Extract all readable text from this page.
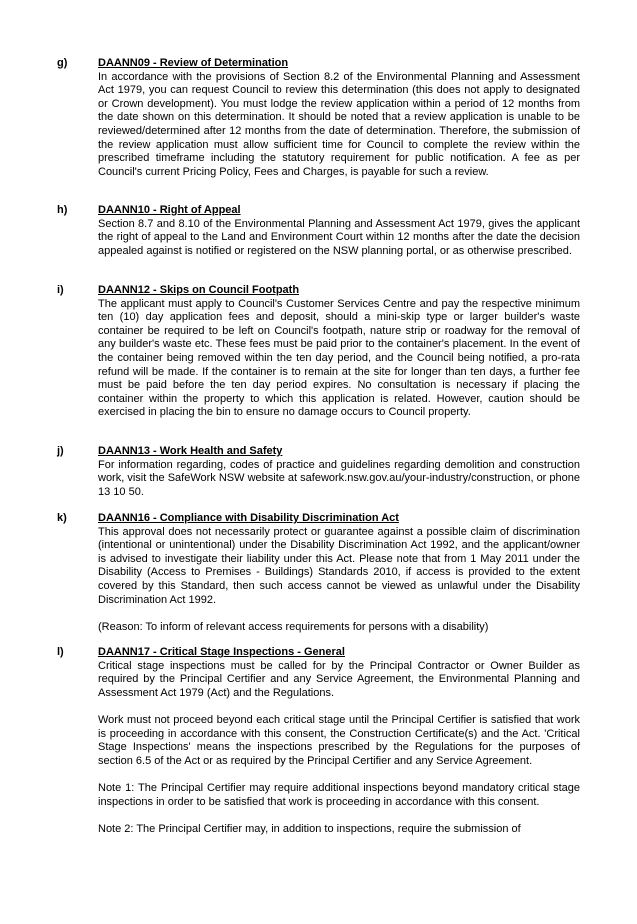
g)	DAANN09 - Review of Determination

In accordance with the provisions of Section 8.2 of the Environmental Planning and Assessment Act 1979, you can request Council to review this determination (this does not apply to designated or Crown development). You must lodge the review application within a period of 12 months from the date shown on this determination. It should be noted that a review application is unable to be reviewed/determined after 12 months from the date of determination. Therefore, the submission of the review application must allow sufficient time for Council to complete the review within the prescribed timeframe including the statutory requirement for public notification. A fee as per Council's current Pricing Policy, Fees and Charges, is payable for such a review.

h)	DAANN10 - Right of Appeal

Section 8.7 and 8.10 of the Environmental Planning and Assessment Act 1979, gives the applicant the right of appeal to the Land and Environment Court within 12 months after the date the decision appealed against is notified or registered on the NSW planning portal, or as otherwise prescribed.

i)	DAANN12 - Skips on Council Footpath

The applicant must apply to Council's Customer Services Centre and pay the respective minimum ten (10) day application fees and deposit, should a mini-skip type or larger builder's waste container be required to be left on Council's footpath, nature strip or roadway for the removal of any builder's waste etc. These fees must be paid prior to the container's placement. In the event of the container being removed within the ten day period, and the Council being notified, a pro-rata refund will be made. If the container is to remain at the site for longer than ten days, a further fee must be paid before the ten day period expires. No consultation is necessary if placing the container within the property to which this application is related. However, caution should be exercised in placing the bin to ensure no damage occurs to Council property.

j)	DAANN13 - Work Health and Safety

For information regarding, codes of practice and guidelines regarding demolition and construction work, visit the SafeWork NSW website at safework.nsw.gov.au/your-industry/construction, or phone 13 10 50.

k)	DAANN16 - Compliance with Disability Discrimination Act

This approval does not necessarily protect or guarantee against a possible claim of discrimination (intentional or unintentional) under the Disability Discrimination Act 1992, and the applicant/owner is advised to investigate their liability under this Act. Please note that from 1 May 2011 under the Disability (Access to Premises - Buildings) Standards 2010, if access is provided to the extent covered by this Standard, then such access cannot be viewed as unlawful under the Disability Discrimination Act 1992.

(Reason: To inform of relevant access requirements for persons with a disability)

l)	DAANN17 - Critical Stage Inspections - General

Critical stage inspections must be called for by the Principal Contractor or Owner Builder as required by the Principal Certifier and any Service Agreement, the Environmental Planning and Assessment Act 1979 (Act) and the Regulations.

Work must not proceed beyond each critical stage until the Principal Certifier is satisfied that work is proceeding in accordance with this consent, the Construction Certificate(s) and the Act. 'Critical Stage Inspections' means the inspections prescribed by the Regulations for the purposes of section 6.5 of the Act or as required by the Principal Certifier and any Service Agreement.

Note 1: The Principal Certifier may require additional inspections beyond mandatory critical stage inspections in order to be satisfied that work is proceeding in accordance with this consent.

Note 2: The Principal Certifier may, in addition to inspections, require the submission of
